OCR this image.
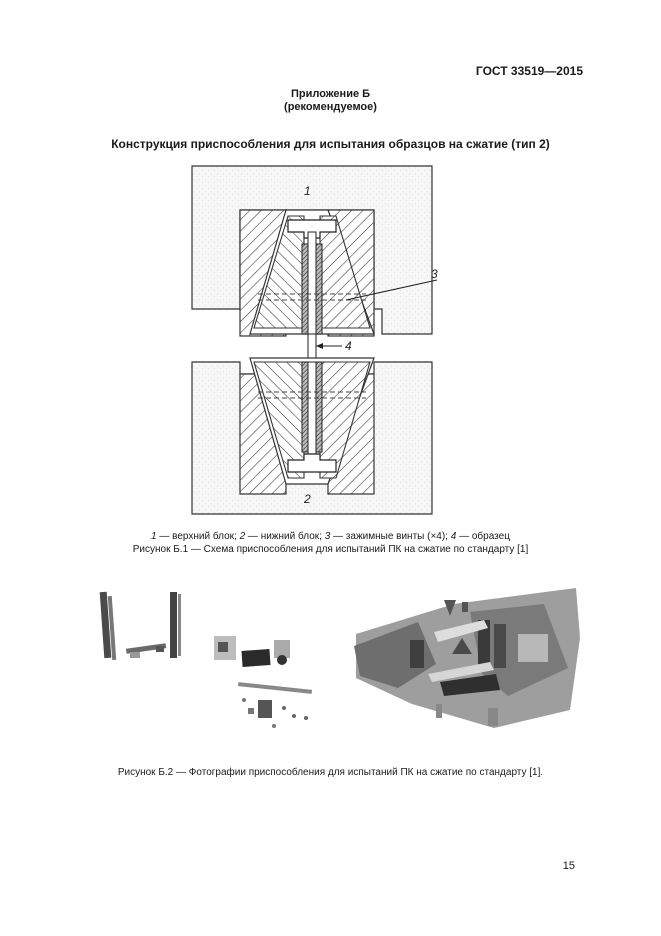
ГОСТ 33519—2015
Приложение Б
(рекомендуемое)
Конструкция приспособления для испытания образцов на сжатие (тип 2)
1
2
3
4
1 — верхний блок; 2 — нижний блок; 3 — зажимные винты (×4); 4 — образец
Рисунок Б.1 — Схема приспособления для испытаний ПК на сжатие по стандарту [1]
Рисунок Б.2 — Фотографии приспособления для испытаний ПК на сжатие по стандарту [1].
15
